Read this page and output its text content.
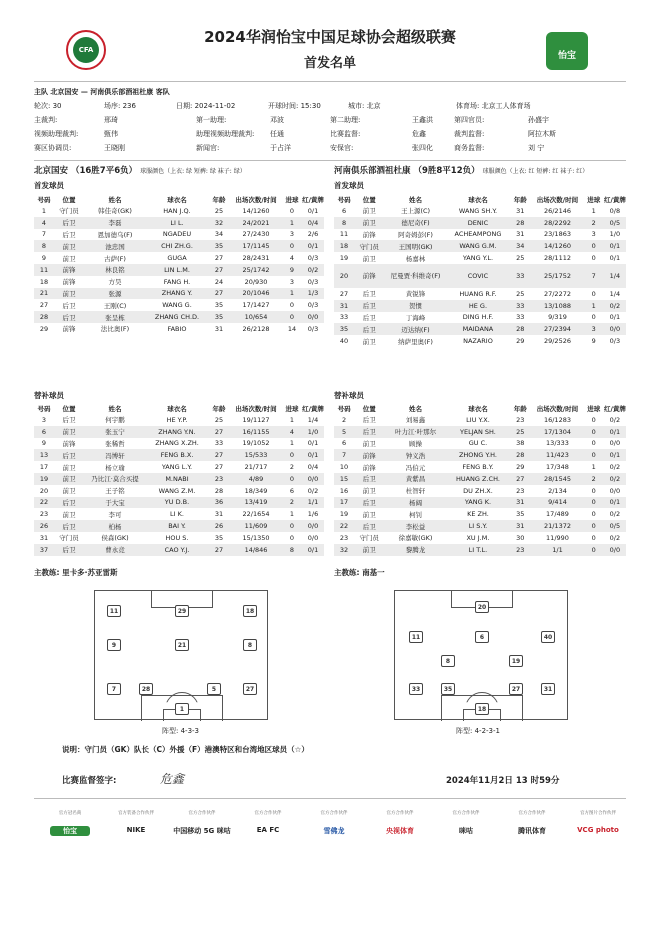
CFA
怡宝
2024华润怡宝中国足球协会超级联赛
首发名单
主队 北京国安 — 河南俱乐部酒祖杜康 客队
轮次: 30	场序: 236	日期: 2024-11-02	开球时间: 15:30	城市: 北京	体育场: 北京工人体育场
主裁判:	邢琦	第一助理:	邓波	第二助理:	王鑫洪	第四官员:	孙盛宇
视频助理裁判:	甄伟	助理视频助理裁判: 任通	比赛监督:	危鑫	裁判监督:	阿拉木斯
赛区协调员:	王晓刚	新闻官:	于占洋	安保官:	张四化	商务监督:	刘 宁
北京国安 （16胜7平6负） 球服颜色（上衣: 绿 短裤: 绿 袜子: 绿）
首发球员
号码	位置	姓名	球衣名	年龄	出场次数/时间	进球	红/黄牌
1	守门员	韩佳奇(GK)	HAN J.Q.	25	14/1260	0	0/1
4	后卫	李磊	LI L.	32	24/2021	1	0/4
7	后卫	恩加德乌(F)	NGADEU	34	27/2430	3	2/6
8	前卫	池忠国	CHI ZH.G.	35	17/1145	0	0/1
9	前卫	古萨(F)	GUGA	27	28/2431	4	0/3
11	前锋	林良铭	LIN L.M.	27	25/1742	9	0/2
18	前锋	方昊	FANG H.	24	20/930	3	0/3
21	前卫	张源	ZHANG Y.	27	20/1046	1	1/3
27	后卫	王刚(C)	WANG G.	35	17/1427	0	0/3
28	后卫	张呈栋	ZHANG CH.D.	35	10/654	0	0/0
29	前锋	法比奥(F)	FABIO	31	26/2128	14	0/3
替补球员
号码	位置	姓名	球衣名	年龄	出场次数/时间	进球	红/黄牌
3	后卫	何宇鹏	HE Y.P.	25	19/1127	1	1/4
6	前卫	张玉宁	ZHANG Y.N.	27	16/1155	4	1/0
9	前锋	张稀哲	ZHANG X.ZH.	33	19/1052	1	0/1
13	后卫	冯博轩	FENG B.X.	27	15/533	0	0/1
17	前卫	杨立瑜	YANG L.Y.	27	21/717	2	0/4
19	前卫	乃比江·莫合买提	M.NABI	23	4/89	0	0/0
20	前卫	王子铭	WANG Z.M.	28	18/349	6	0/2
22	后卫	于大宝	YU D.B.	36	13/419	2	1/1
23	前卫	李可	LI K.	31	22/1654	1	1/6
26	后卫	柏杨	BAI Y.	26	11/609	0	0/0
31	守门员	侯森(GK)	HOU S.	35	15/1350	0	0/0
37	后卫	曹永竞	CAO Y.J.	27	14/846	8	0/1
河南俱乐部酒祖杜康 （9胜8平12负） 球服颜色（上衣: 红 短裤: 红 袜子: 红）
首发球员
号码	位置	姓名	球衣名	年龄	出场次数/时间	进球	红/黄牌
6	前卫	王上源(C)	WANG SH.Y.	31	26/2146	1	0/8
8	前卫	德尼奇(F)	DENIC	28	28/2292	2	0/5
11	前锋	阿奇姆彭(F)	ACHEAMPONG	31	23/1863	3	1/0
18	守门员	王国明(GK)	WANG G.M.	34	14/1260	0	0/1
19	前卫	杨嘉林	YANG Y.L.	25	28/1112	0	0/1
20	前锋	尼曼贾·科维奇(F)	COVIC	33	25/1752	7	1/4
27	后卫	黄锐锋	HUANG R.F.	25	27/2272	0	1/4
31	后卫	贺惯	HE G.	33	13/1088	1	0/2
33	后卫	丁海峰	DING H.F.	33	9/319	0	0/1
35	后卫	迈达纳(F)	MAIDANA	28	27/2394	3	0/0
40	前卫	纳萨里奥(F)	NAZARIO	29	29/2526	9	0/3
替补球员
号码	位置	姓名	球衣名	年龄	出场次数/时间	进球	红/黄牌
2	后卫	刘易鑫	LIU Y.X.	23	16/1283	0	0/2
5	后卫	叶力江·叶那尔	YELJAN SH.	25	17/1304	0	0/1
6	前卫	顾操	GU C.	38	13/333	0	0/0
7	前锋	钟义浩	ZHONG Y.H.	28	11/423	0	0/1
10	前锋	冯伯元	FENG B.Y.	29	17/348	1	0/2
15	后卫	黄紫昌	HUANG Z.CH.	27	28/1545	2	0/2
16	前卫	杜智轩	DU ZH.X.	23	2/134	0	0/0
17	后卫	杨阔	YANG K.	31	9/414	0	0/1
19	前卫	柯钊	KE ZH.	35	17/489	0	0/2
22	后卫	李松益	LI S.Y.	31	21/1372	0	0/5
23	守门员	徐嘉敏(GK)	XU J.M.	30	11/990	0	0/2
32	前卫	黎腾龙	LI T.L.	23	1/1	0	0/0
主教练: 里卡多·苏亚雷斯	主教练: 南基一
11	29	18
9	21	8
7	28	5	27
1
阵型: 4-3-3
20
11	6	40
8	19
33	35	27	31
18
阵型: 4-2-3-1
说明：守门员（GK）队长（C）外援（F）港澳特区和台湾地区球员（☆）
比赛监督签字:	危鑫	2024年11月2日 13 时59分
官方冠名商
怡宝
官方装备合作伙伴
NIKE
官方合作伙伴
中国移动 5G 咪咕
官方合作伙伴
EA FC
官方合作伙伴
雪佛龙
官方合作伙伴
央视体育
官方合作伙伴
咪咕
官方合作伙伴
腾讯体育
官方图片合作伙伴
VCG photo
